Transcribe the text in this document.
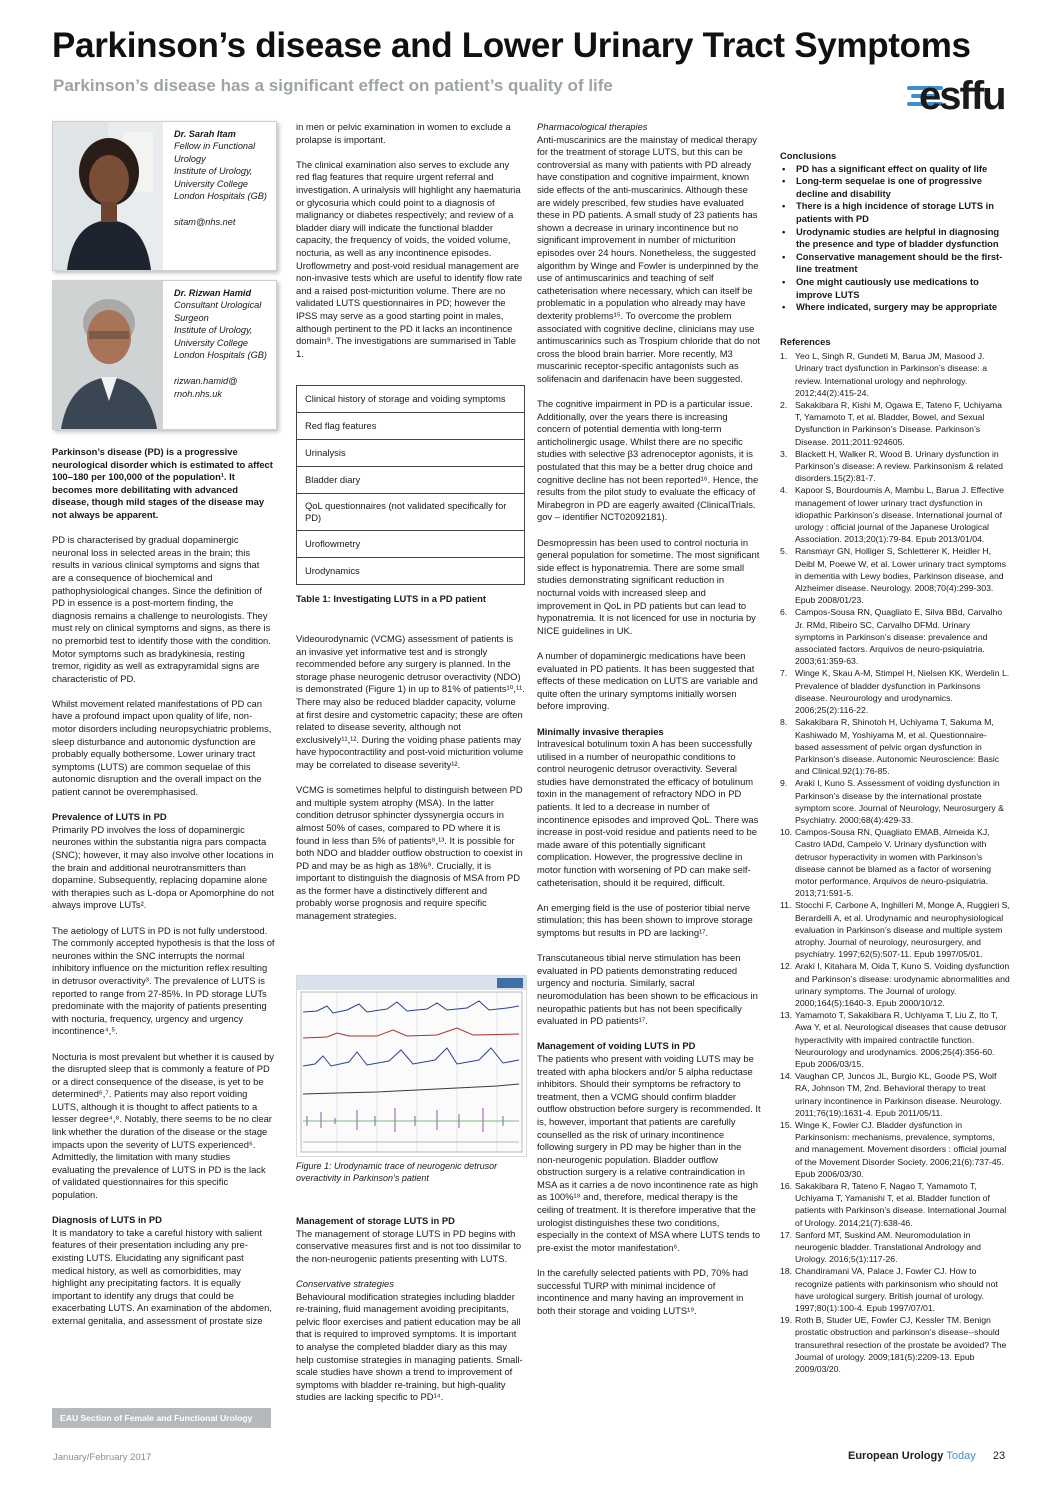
Parkinson’s disease and Lower Urinary Tract Symptoms
Parkinson’s disease has a significant effect on patient’s quality of life	esffu
Dr. Sarah Itam
Fellow in Functional Urology
Institute of Urology, University College London Hospitals (GB)
sitam@nhs.net
Dr. Rizwan Hamid
Consultant Urological Surgeon
Institute of Urology, University College London Hospitals (GB)
rizwan.hamid@ rnoh.nhs.uk

Parkinson’s disease (PD) is a progressive neurological disorder which is estimated to affect 100–180 per 100,000 of the population¹. It becomes more debilitating with advanced disease, though mild stages of the disease may not always be apparent.

PD is characterised by gradual dopaminergic neuronal loss in selected areas in the brain; this results in various clinical symptoms and signs that are a consequence of biochemical and pathophysiological changes. Since the definition of PD in essence is a post-mortem finding, the diagnosis remains a challenge to neurologists. They must rely on clinical symptoms and signs, as there is no premorbid test to identify those with the condition. Motor symptoms such as bradykinesia, resting tremor, rigidity as well as extrapyramidal signs are characteristic of PD.

Whilst movement related manifestations of PD can have a profound impact upon quality of life, non-motor disorders including neuropsychiatric problems, sleep disturbance and autonomic dysfunction are probably equally bothersome. Lower urinary tract symptoms (LUTS) are common sequelae of this autonomic disruption and the overall impact on the patient cannot be overemphasised.

Prevalence of LUTS in PD

Primarily PD involves the loss of dopaminergic neurones within the substantia nigra pars compacta (SNC); however, it may also involve other locations in the brain and additional neurotransmitters than dopamine. Subsequently, replacing dopamine alone with therapies such as L-dopa or Apomorphine do not always improve LUTs².

The aetiology of LUTS in PD is not fully understood. The commonly accepted hypothesis is that the loss of neurones within the SNC interrupts the normal inhibitory influence on the micturition reflex resulting in detrusor overactivity³. The prevalence of LUTS is reported to range from 27-85%. In PD storage LUTs predominate with the majority of patients presenting with nocturia, frequency, urgency and urgency incontinence⁴,⁵.

Nocturia is most prevalent but whether it is caused by the disrupted sleep that is commonly a feature of PD or a direct consequence of the disease, is yet to be determined⁶,⁷. Patients may also report voiding LUTS, although it is thought to affect patients to a lesser degree⁴,⁸. Notably, there seems to be no clear link whether the duration of the disease or the stage impacts upon the severity of LUTS experienced⁶. Admittedly, the limitation with many studies evaluating the prevalence of LUTS in PD is the lack of validated questionnaires for this specific population.

Diagnosis of LUTS in PD

It is mandatory to take a careful history with salient features of their presentation including any pre-existing LUTS. Elucidating any significant past medical history, as well as comorbidities, may highlight any precipitating factors. It is equally important to identify any drugs that could be exacerbating LUTS. An examination of the abdomen, external genitalia, and assessment of prostate size

in men or pelvic examination in women to exclude a prolapse is important.

The clinical examination also serves to exclude any red flag features that require urgent referral and investigation. A urinalysis will highlight any haematuria or glycosuria which could point to a diagnosis of malignancy or diabetes respectively; and review of a bladder diary will indicate the functional bladder capacity, the frequency of voids, the voided volume, nocturia, as well as any incontinence episodes. Uroflowmetry and post-void residual management are non-invasive tests which are useful to identify flow rate and a raised post-micturition volume. There are no validated LUTS questionnaires in PD; however the IPSS may serve as a good starting point in males, although pertinent to the PD it lacks an incontinence domain⁹. The investigations are summarised in Table 1.

Clinical history of storage and voiding symptoms
Red flag features
Urinalysis
Bladder diary
QoL questionnaires (not validated specifically for PD)
Uroflowmetry
Urodynamics
Table 1: Investigating LUTS in a PD patient

Videourodynamic (VCMG) assessment of patients is an invasive yet informative test and is strongly recommended before any surgery is planned. In the storage phase neurogenic detrusor overactivity (NDO) is demonstrated (Figure 1) in up to 81% of patients¹⁰,¹¹. There may also be reduced bladder capacity, volume at first desire and cystometric capacity; these are often related to disease severity, although not exclusively¹¹,¹². During the voiding phase patients may have hypocontractility and post-void micturition volume may be correlated to disease severity¹².

VCMG is sometimes helpful to distinguish between PD and multiple system atrophy (MSA). In the latter condition detrusor sphincter dyssynergia occurs in almost 50% of cases, compared to PD where it is found in less than 5% of patients⁸,¹³. It is possible for both NDO and bladder outflow obstruction to coexist in PD and may be as high as 18%⁹. Crucially, it is important to distinguish the diagnosis of MSA from PD as the former have a distinctively different and probably worse prognosis and require specific management strategies.

Figure 1: Urodynamic trace of neurogenic detrusor overactivity in Parkinson’s patient
Management of storage LUTS in PD

The management of storage LUTS in PD begins with conservative measures first and is not too dissimilar to the non-neurogenic patients presenting with LUTS.

Conservative strategies

Behavioural modification strategies including bladder re-training, fluid management avoiding precipitants, pelvic floor exercises and patient education may be all that is required to improved symptoms. It is important to analyse the completed bladder diary as this may help customise strategies in managing patients. Small-scale studies have shown a trend to improvement of symptoms with bladder re-training, but high-quality studies are lacking specific to PD¹⁴.

Pharmacological therapies

Anti-muscarinics are the mainstay of medical therapy for the treatment of storage LUTS, but this can be controversial as many with patients with PD already have constipation and cognitive impairment, known side effects of the anti-muscarinics. Although these are widely prescribed, few studies have evaluated these in PD patients. A small study of 23 patients has shown a decrease in urinary incontinence but no significant improvement in number of micturition episodes over 24 hours. Nonetheless, the suggested algorithm by Winge and Fowler is underpinned by the use of antimuscarinics and teaching of self catheterisation where necessary, which can itself be problematic in a population who already may have dexterity problems¹⁵. To overcome the problem associated with cognitive decline, clinicians may use antimuscarinics such as Trospium chloride that do not cross the blood brain barrier. More recently, M3 muscarinic receptor-specific antagonists such as solifenacin and darifenacin have been suggested.

The cognitive impairment in PD is a particular issue. Additionally, over the years there is increasing concern of potential dementia with long-term anticholinergic usage. Whilst there are no specific studies with selective β3 adrenoceptor agonists, it is postulated that this may be a better drug choice and cognitive decline has not been reported¹⁶. Hence, the results from the pilot study to evaluate the efficacy of Mirabegron in PD are eagerly awaited (ClinicalTrials. gov – identifier NCT02092181).

Desmopressin has been used to control nocturia in general population for sometime. The most significant side effect is hyponatremia. There are some small studies demonstrating significant reduction in nocturnal voids with increased sleep and improvement in QoL in PD patients but can lead to hyponatremia. It is not licenced for use in nocturia by NICE guidelines in UK.

A number of dopaminergic medications have been evaluated in PD patients. It has been suggested that effects of these medication on LUTS are variable and quite often the urinary symptoms initially worsen before improving.

Minimally invasive therapies

Intravesical botulinum toxin A has been successfully utilised in a number of neuropathic conditions to control neurogenic detrusor overactivity. Several studies have demonstrated the efficacy of botulinum toxin in the management of refractory NDO in PD patients. It led to a decrease in number of incontinence episodes and improved QoL. There was increase in post-void residue and patients need to be made aware of this potentially significant complication. However, the progressive decline in motor function with worsening of PD can make self-catheterisation, should it be required, difficult.

An emerging field is the use of posterior tibial nerve stimulation; this has been shown to improve storage symptoms but results in PD are lacking¹⁷.

Transcutaneous tibial nerve stimulation has been evaluated in PD patients demonstrating reduced urgency and nocturia. Similarly, sacral neuromodulation has been shown to be efficacious in neuropathic patients but has not been specifically evaluated in PD patients¹⁷.

Management of voiding LUTS in PD

The patients who present with voiding LUTS may be treated with apha blockers and/or 5 alpha reductase inhibitors. Should their symptoms be refractory to treatment, then a VCMG should confirm bladder outflow obstruction before surgery is recommended. It is, however, important that patients are carefully counselled as the risk of urinary incontinence following surgery in PD may be higher than in the non-neurogenic population. Bladder outflow obstruction surgery is a relative contraindication in MSA as it carries a de novo incontinence rate as high as 100%¹⁸ and, therefore, medical therapy is the ceiling of treatment. It is therefore imperative that the urologist distinguishes these two conditions, especially in the context of MSA where LUTS tends to pre-exist the motor manifestation⁶.

In the carefully selected patients with PD, 70% had successful TURP with minimal incidence of incontinence and many having an improvement in both their storage and voiding LUTS¹⁹.

Conclusions
• PD has a significant effect on quality of life
• Long-term sequelae is one of progressive decline and disability
• There is a high incidence of storage LUTS in patients with PD
• Urodynamic studies are helpful in diagnosing the presence and type of bladder dysfunction
• Conservative management should be the first-line treatment
• One might cautiously use medications to improve LUTS
• Where indicated, surgery may be appropriate
References
1. Yeo L, Singh R, Gundeti M, Barua JM, Masood J. Urinary tract dysfunction in Parkinson’s disease: a review. International urology and nephrology. 2012;44(2):415-24.
2. Sakakibara R, Kishi M, Ogawa E, Tateno F, Uchiyama T, Yamamoto T, et al. Bladder, Bowel, and Sexual Dysfunction in Parkinson’s Disease. Parkinson’s Disease. 2011;2011:924605.
3. Blackett H, Walker R, Wood B. Urinary dysfunction in Parkinson’s disease: A review. Parkinsonism & related disorders.15(2):81-7.
4. Kapoor S, Bourdoumis A, Mambu L, Barua J. Effective management of lower urinary tract dysfunction in idiopathic Parkinson’s disease. International journal of urology : official journal of the Japanese Urological Association. 2013;20(1):79-84. Epub 2013/01/04.
5. Ransmayr GN, Holliger S, Schletterer K, Heidler H, Deibl M, Poewe W, et al. Lower urinary tract symptoms in dementia with Lewy bodies, Parkinson disease, and Alzheimer disease. Neurology. 2008;70(4):299-303. Epub 2008/01/23.
6. Campos-Sousa RN, Quagliato E, Silva BBd, Carvalho Jr. RMd, Ribeiro SC, Carvalho DFMd. Urinary symptoms in Parkinson’s disease: prevalence and associated factors. Arquivos de neuro-psiquiatria. 2003;61:359-63.
7. Winge K, Skau A-M, Stimpel H, Nielsen KK, Werdelin L. Prevalence of bladder dysfunction in Parkinsons disease. Neurourology and urodynamics. 2006;25(2):116-22.
8. Sakakibara R, Shinotoh H, Uchiyama T, Sakuma M, Kashiwado M, Yoshiyama M, et al. Questionnaire-based assessment of pelvic organ dysfunction in Parkinson’s disease. Autonomic Neuroscience: Basic and Clinical.92(1):76-85.
9. Araki I, Kuno S. Assessment of voiding dysfunction in Parkinson’s disease by the international prostate symptom score. Journal of Neurology, Neurosurgery & Psychiatry. 2000;68(4):429-33.
10. Campos-Sousa RN, Quagliato EMAB, Almeida KJ, Castro IADd, Campelo V. Urinary dysfunction with detrusor hyperactivity in women with Parkinson’s disease cannot be blamed as a factor of worsening motor performance. Arquivos de neuro-psiquiatria. 2013;71:591-5.
11. Stocchi F, Carbone A, Inghilleri M, Monge A, Ruggieri S, Berardelli A, et al. Urodynamic and neurophysiological evaluation in Parkinson’s disease and multiple system atrophy. Journal of neurology, neurosurgery, and psychiatry. 1997;62(5):507-11. Epub 1997/05/01.
12. Araki I, Kitahara M, Oida T, Kuno S. Voiding dysfunction and Parkinson’s disease: urodynamic abnormalities and urinary symptoms. The Journal of urology. 2000;164(5):1640-3. Epub 2000/10/12.
13. Yamamoto T, Sakakibara R, Uchiyama T, Liu Z, Ito T, Awa Y, et al. Neurological diseases that cause detrusor hyperactivity with impaired contractile function. Neurourology and urodynamics. 2006;25(4):356-60. Epub 2006/03/15.
14. Vaughan CP, Juncos JL, Burgio KL, Goode PS, Wolf RA, Johnson TM, 2nd. Behavioral therapy to treat urinary incontinence in Parkinson disease. Neurology. 2011;76(19):1631-4. Epub 2011/05/11.
15. Winge K, Fowler CJ. Bladder dysfunction in Parkinsonism: mechanisms, prevalence, symptoms, and management. Movement disorders : official journal of the Movement Disorder Society. 2006;21(6):737-45. Epub 2006/03/30.
16. Sakakibara R, Tateno F, Nagao T, Yamamoto T, Uchiyama T, Yamanishi T, et al. Bladder function of patients with Parkinson’s disease. International Journal of Urology. 2014;21(7):638-46.
17. Sanford MT, Suskind AM. Neuromodulation in neurogenic bladder. Translational Andrology and Urology. 2016;5(1):117-26.
18. Chandiramani VA, Palace J, Fowler CJ. How to recognize patients with parkinsonism who should not have urological surgery. British journal of urology. 1997;80(1):100-4. Epub 1997/07/01.
19. Roth B, Studer UE, Fowler CJ, Kessler TM. Benign prostatic obstruction and parkinson’s disease--should transurethral resection of the prostate be avoided? The Journal of urology. 2009;181(5):2209-13. Epub 2009/03/20.
EAU Section of Female and Functional Urology
January/February 2017	European Urology Today 23
